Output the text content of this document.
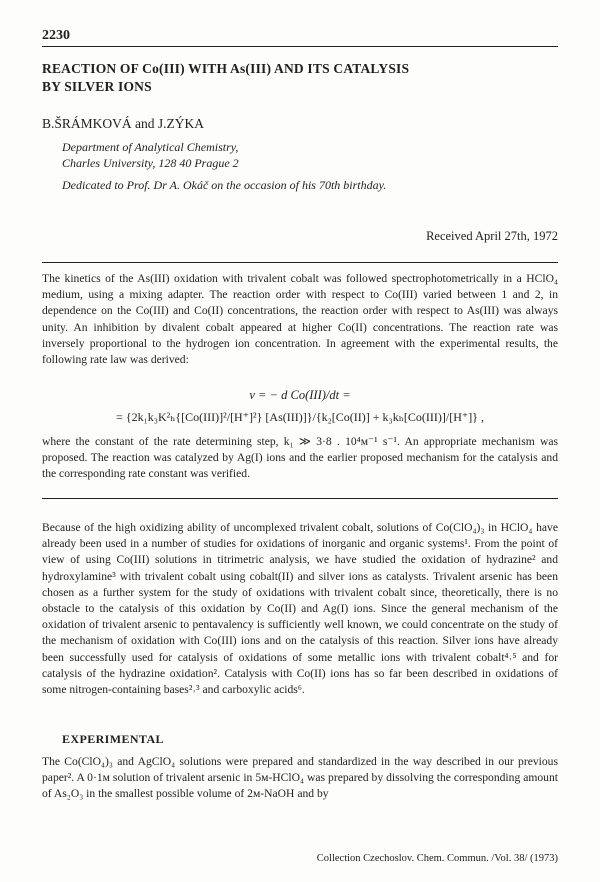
2230
REACTION OF Co(III) WITH As(III) AND ITS CATALYSIS
BY SILVER IONS
B.ŠRÁMKOVÁ and J.ZÝKA
Department of Analytical Chemistry,
Charles University, 128 40 Prague 2
Dedicated to Prof. Dr A. Okáč on the occasion of his 70th birthday.
Received April 27th, 1972

The kinetics of the As(III) oxidation with trivalent cobalt was followed spectrophotometrically in a HClO₄ medium, using a mixing adapter. The reaction order with respect to Co(III) varied between 1 and 2, in dependence on the Co(III) and Co(II) concentrations, the reaction order with respect to As(III) was always unity. An inhibition by divalent cobalt appeared at higher Co(II) concentrations. The reaction rate was inversely proportional to the hydrogen ion concentration. In agreement with the experimental results, the following rate law was derived:

v = − d Co(III)/dt =
= {2k₁k₃K²ₕ{[Co(III)]²/[H⁺]²} [As(III)]}/{k₂[Co(II)] + k₃kₕ[Co(III)]/[H⁺]} ,

where the constant of the rate determining step, k₁ ≫ 3·8 . 10⁴ᴍ⁻¹ s⁻¹. An appropriate mechanism was proposed. The reaction was catalyzed by Ag(I) ions and the earlier proposed mechanism for the catalysis and the corresponding rate constant was verified.

Because of the high oxidizing ability of uncomplexed trivalent cobalt, solutions of Co(ClO₄)₃ in HClO₄ have already been used in a number of studies for oxidations of inorganic and organic systems¹. From the point of view of using Co(III) solutions in titrimetric analysis, we have studied the oxidation of hydrazine² and hydroxylamine³ with trivalent cobalt using cobalt(II) and silver ions as catalysts. Trivalent arsenic has been chosen as a further system for the study of oxidations with trivalent cobalt since, theoretically, there is no obstacle to the catalysis of this oxidation by Co(II) and Ag(I) ions. Since the general mechanism of the oxidation of trivalent arsenic to pentavalency is sufficiently well known, we could concentrate on the study of the mechanism of oxidation with Co(III) ions and on the catalysis of this reaction. Silver ions have already been successfully used for catalysis of oxidations of some metallic ions with trivalent cobalt⁴˒⁵ and for catalysis of the hydrazine oxidation². Catalysis with Co(II) ions has so far been described in oxidations of some nitrogen-containing bases²˒³ and carboxylic acids⁶.
EXPERIMENTAL
The Co(ClO₄)₃ and AgClO₄ solutions were prepared and standardized in the way described in our previous paper². A 0·1ᴍ solution of trivalent arsenic in 5ᴍ-HClO₄ was prepared by dissolving the corresponding amount of As₂O₃ in the smallest possible volume of 2ᴍ-NaOH and by
Collection Czechoslov. Chem. Commun. /Vol. 38/ (1973)
